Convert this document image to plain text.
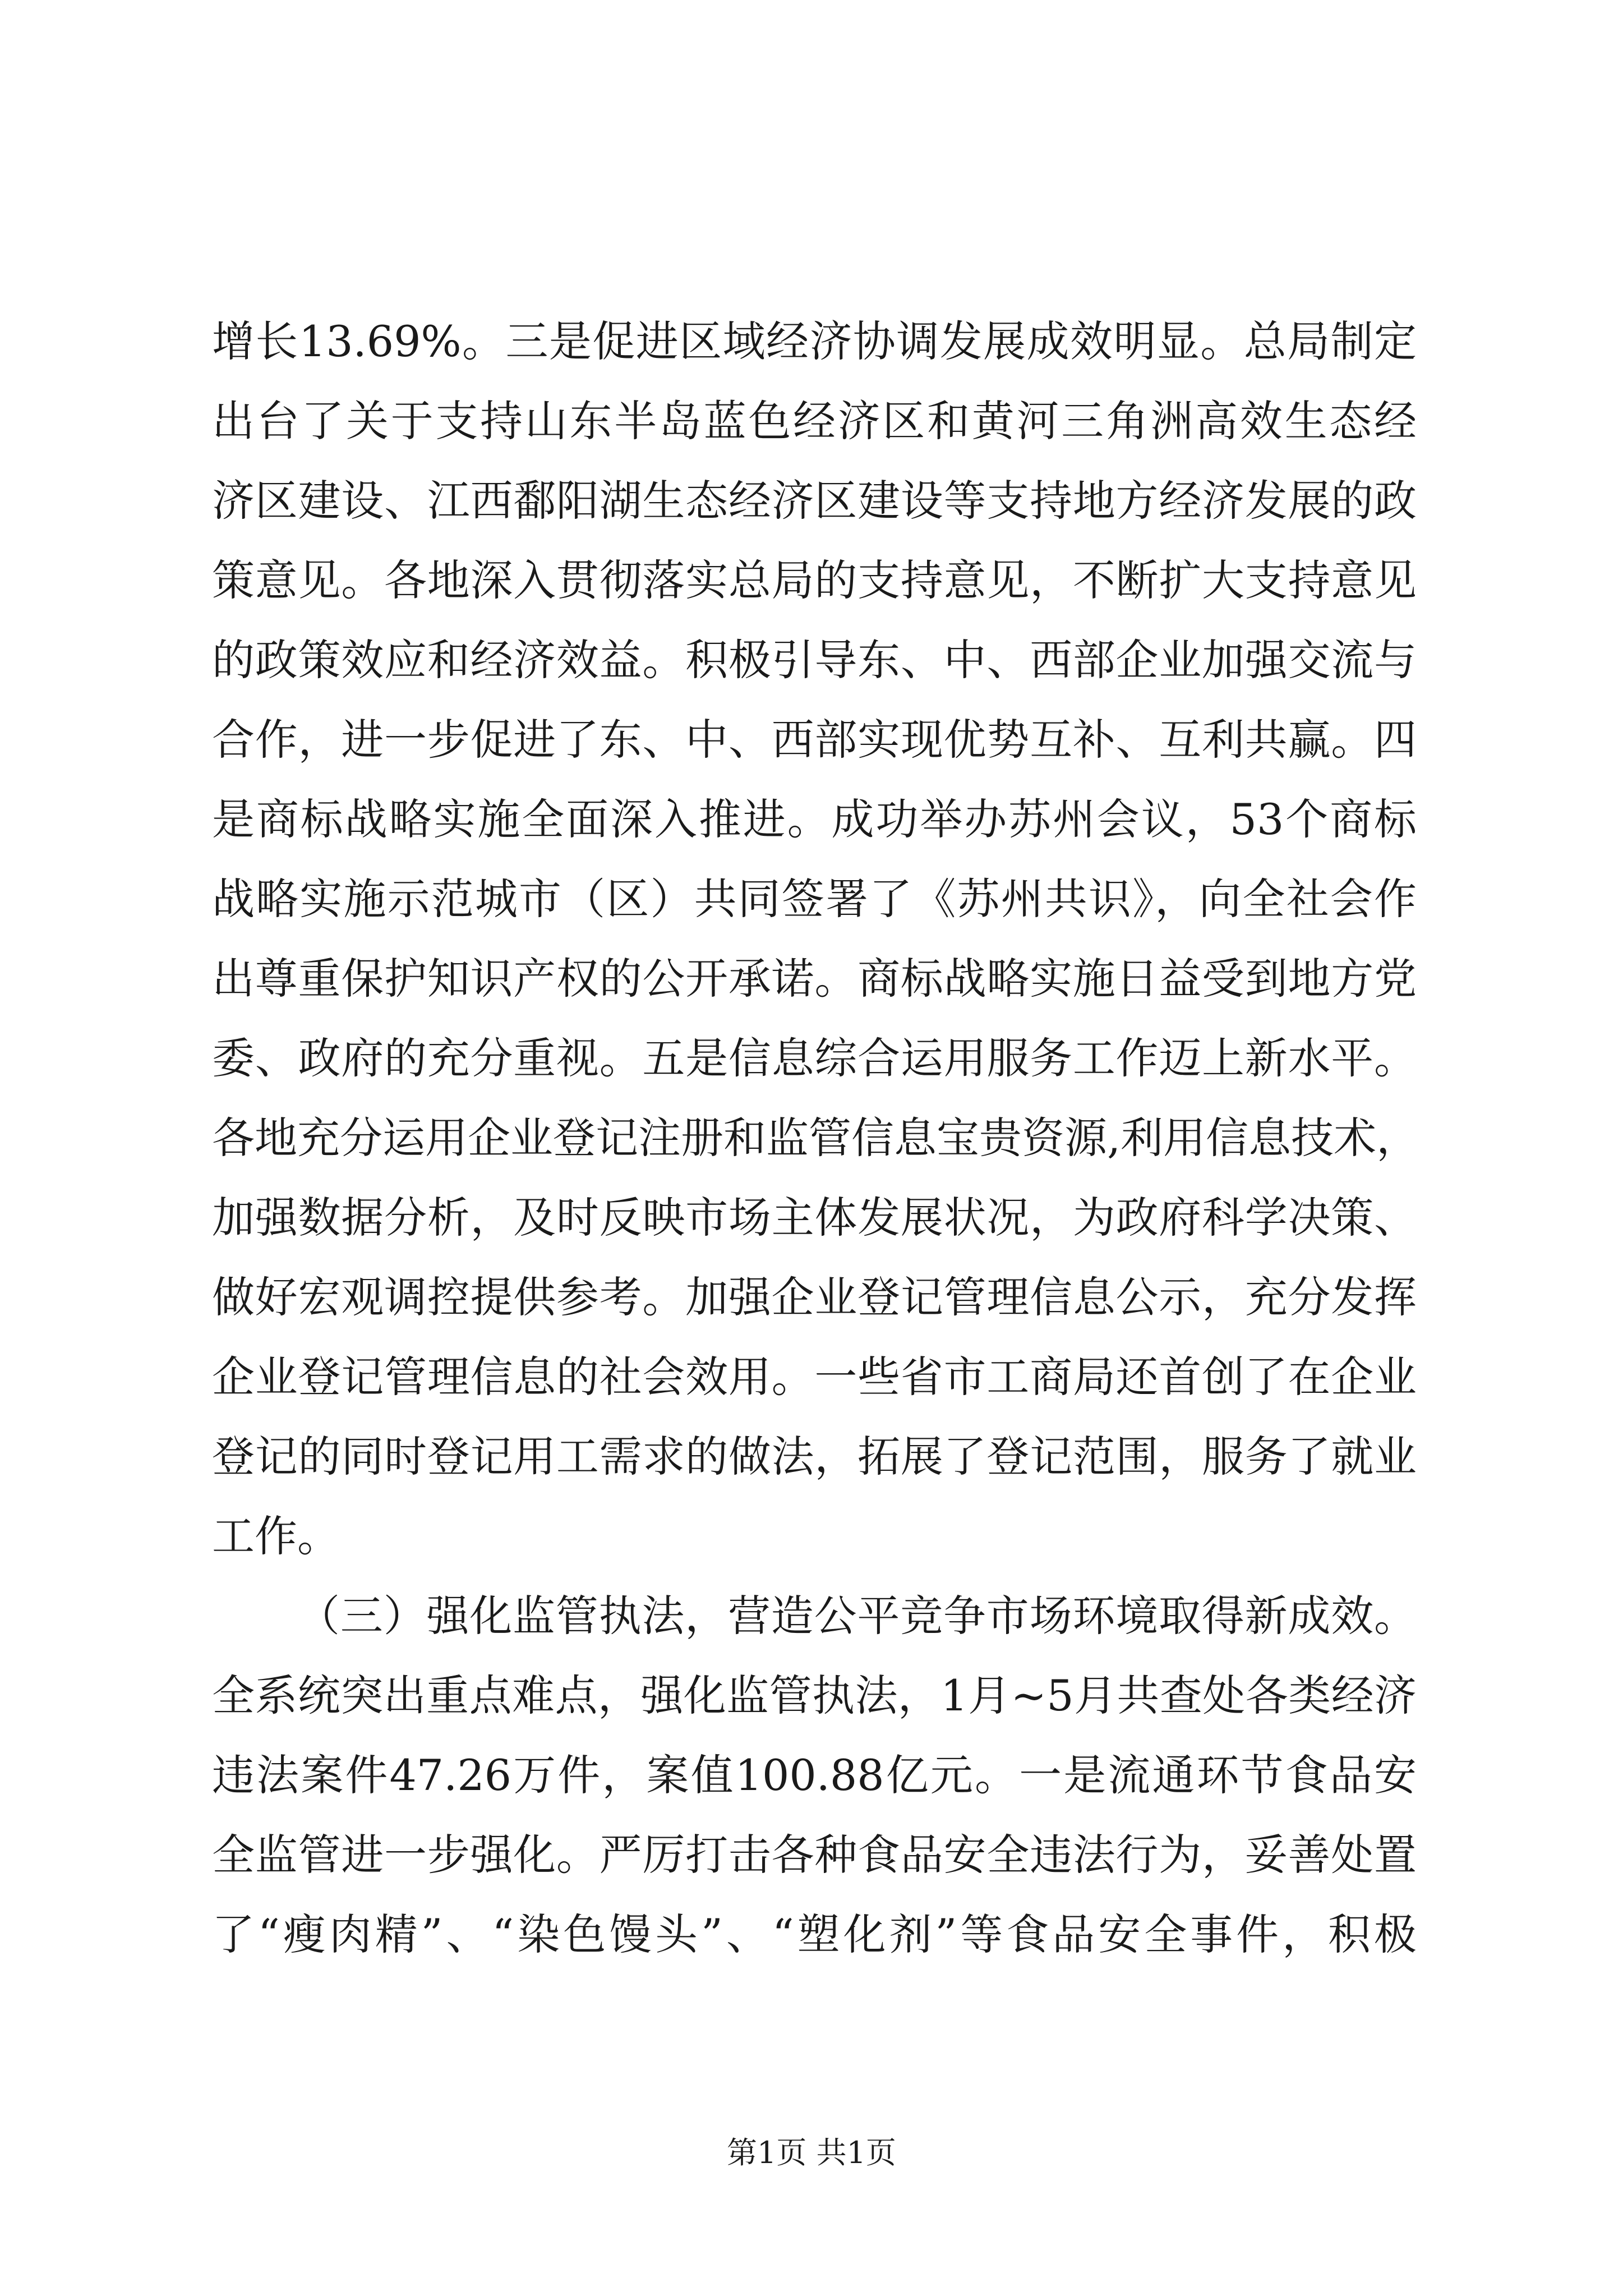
增长13.69%。三是促进区域经济协调发展成效明显。总局制定
出台了关于支持山东半岛蓝色经济区和黄河三角洲高效生态经
济区建设、江西鄱阳湖生态经济区建设等支持地方经济发展的政
策意见。各地深入贯彻落实总局的支持意见，不断扩大支持意见
的政策效应和经济效益。积极引导东、中、西部企业加强交流与
合作，进一步促进了东、中、西部实现优势互补、互利共赢。四
是商标战略实施全面深入推进。成功举办苏州会议，53个商标
战略实施示范城市（区）共同签署了《苏州共识》，向全社会作
出尊重保护知识产权的公开承诺。商标战略实施日益受到地方党
委、政府的充分重视。五是信息综合运用服务工作迈上新水平。
各地充分运用企业登记注册和监管信息宝贵资源,利用信息技术，
加强数据分析，及时反映市场主体发展状况，为政府科学决策、
做好宏观调控提供参考。加强企业登记管理信息公示，充分发挥
企业登记管理信息的社会效用。一些省市工商局还首创了在企业
登记的同时登记用工需求的做法，拓展了登记范围，服务了就业
工作。
（三）强化监管执法，营造公平竞争市场环境取得新成效。
全系统突出重点难点，强化监管执法，1月~5月共查处各类经济
违法案件47.26万件，案值100.88亿元。一是流通环节食品安
全监管进一步强化。严厉打击各种食品安全违法行为，妥善处置
了“瘦肉精”、“染色馒头”、“塑化剂”等食品安全事件，积极
第1页 共1页
